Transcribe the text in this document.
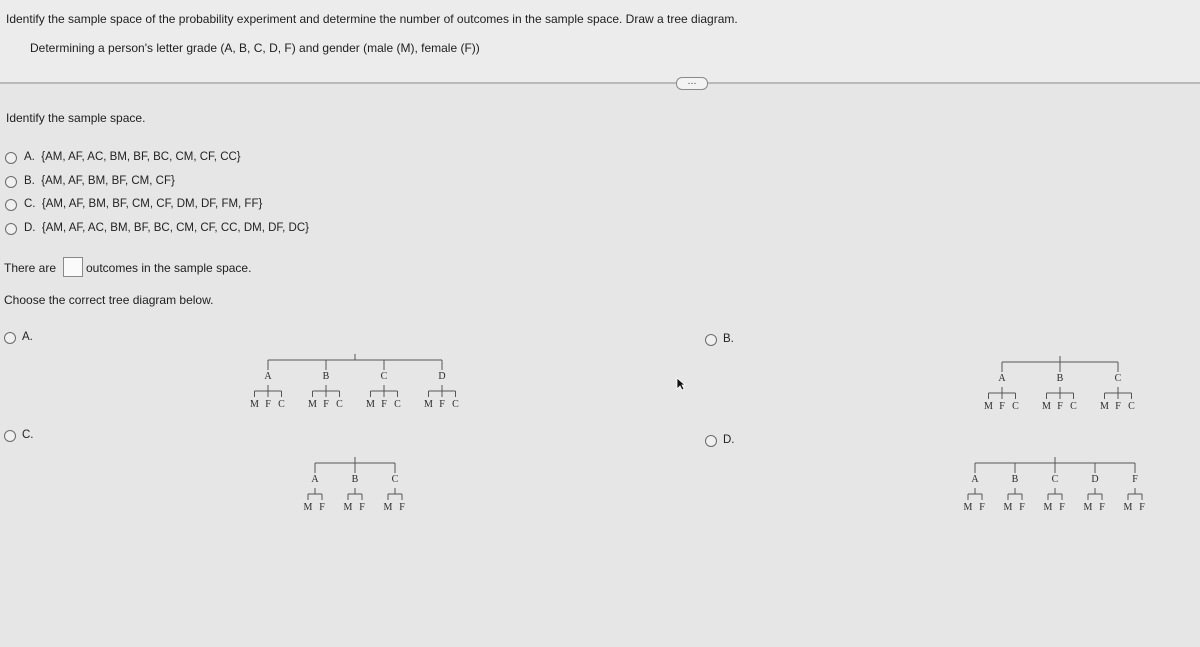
Identify the sample space of the probability experiment and determine the number of outcomes in the sample space. Draw a tree diagram.
Determining a person's letter grade (A, B, C, D, F) and gender (male (M), female (F))
…
Identify the sample space.
A. {AM, AF, AC, BM, BF, BC, CM, CF, CC}
B. {AM, AF, BM, BF, CM, CF}
C. {AM, AF, BM, BF, CM, CF, DM, DF, FM, FF}
D. {AM, AF, AC, BM, BF, BC, CM, CF, CC, DM, DF, DC}
There are outcomes in the sample space.
Choose the correct tree diagram below.
A.
C.
B.
D.
A
M F C
B
M F C
C
M F C
D
M F C
A
M F C
B
M F C
C
M F C
A
M F
B
M F
C
M F
A
M F
B
M F
C
M F
D
M F
F
M F
